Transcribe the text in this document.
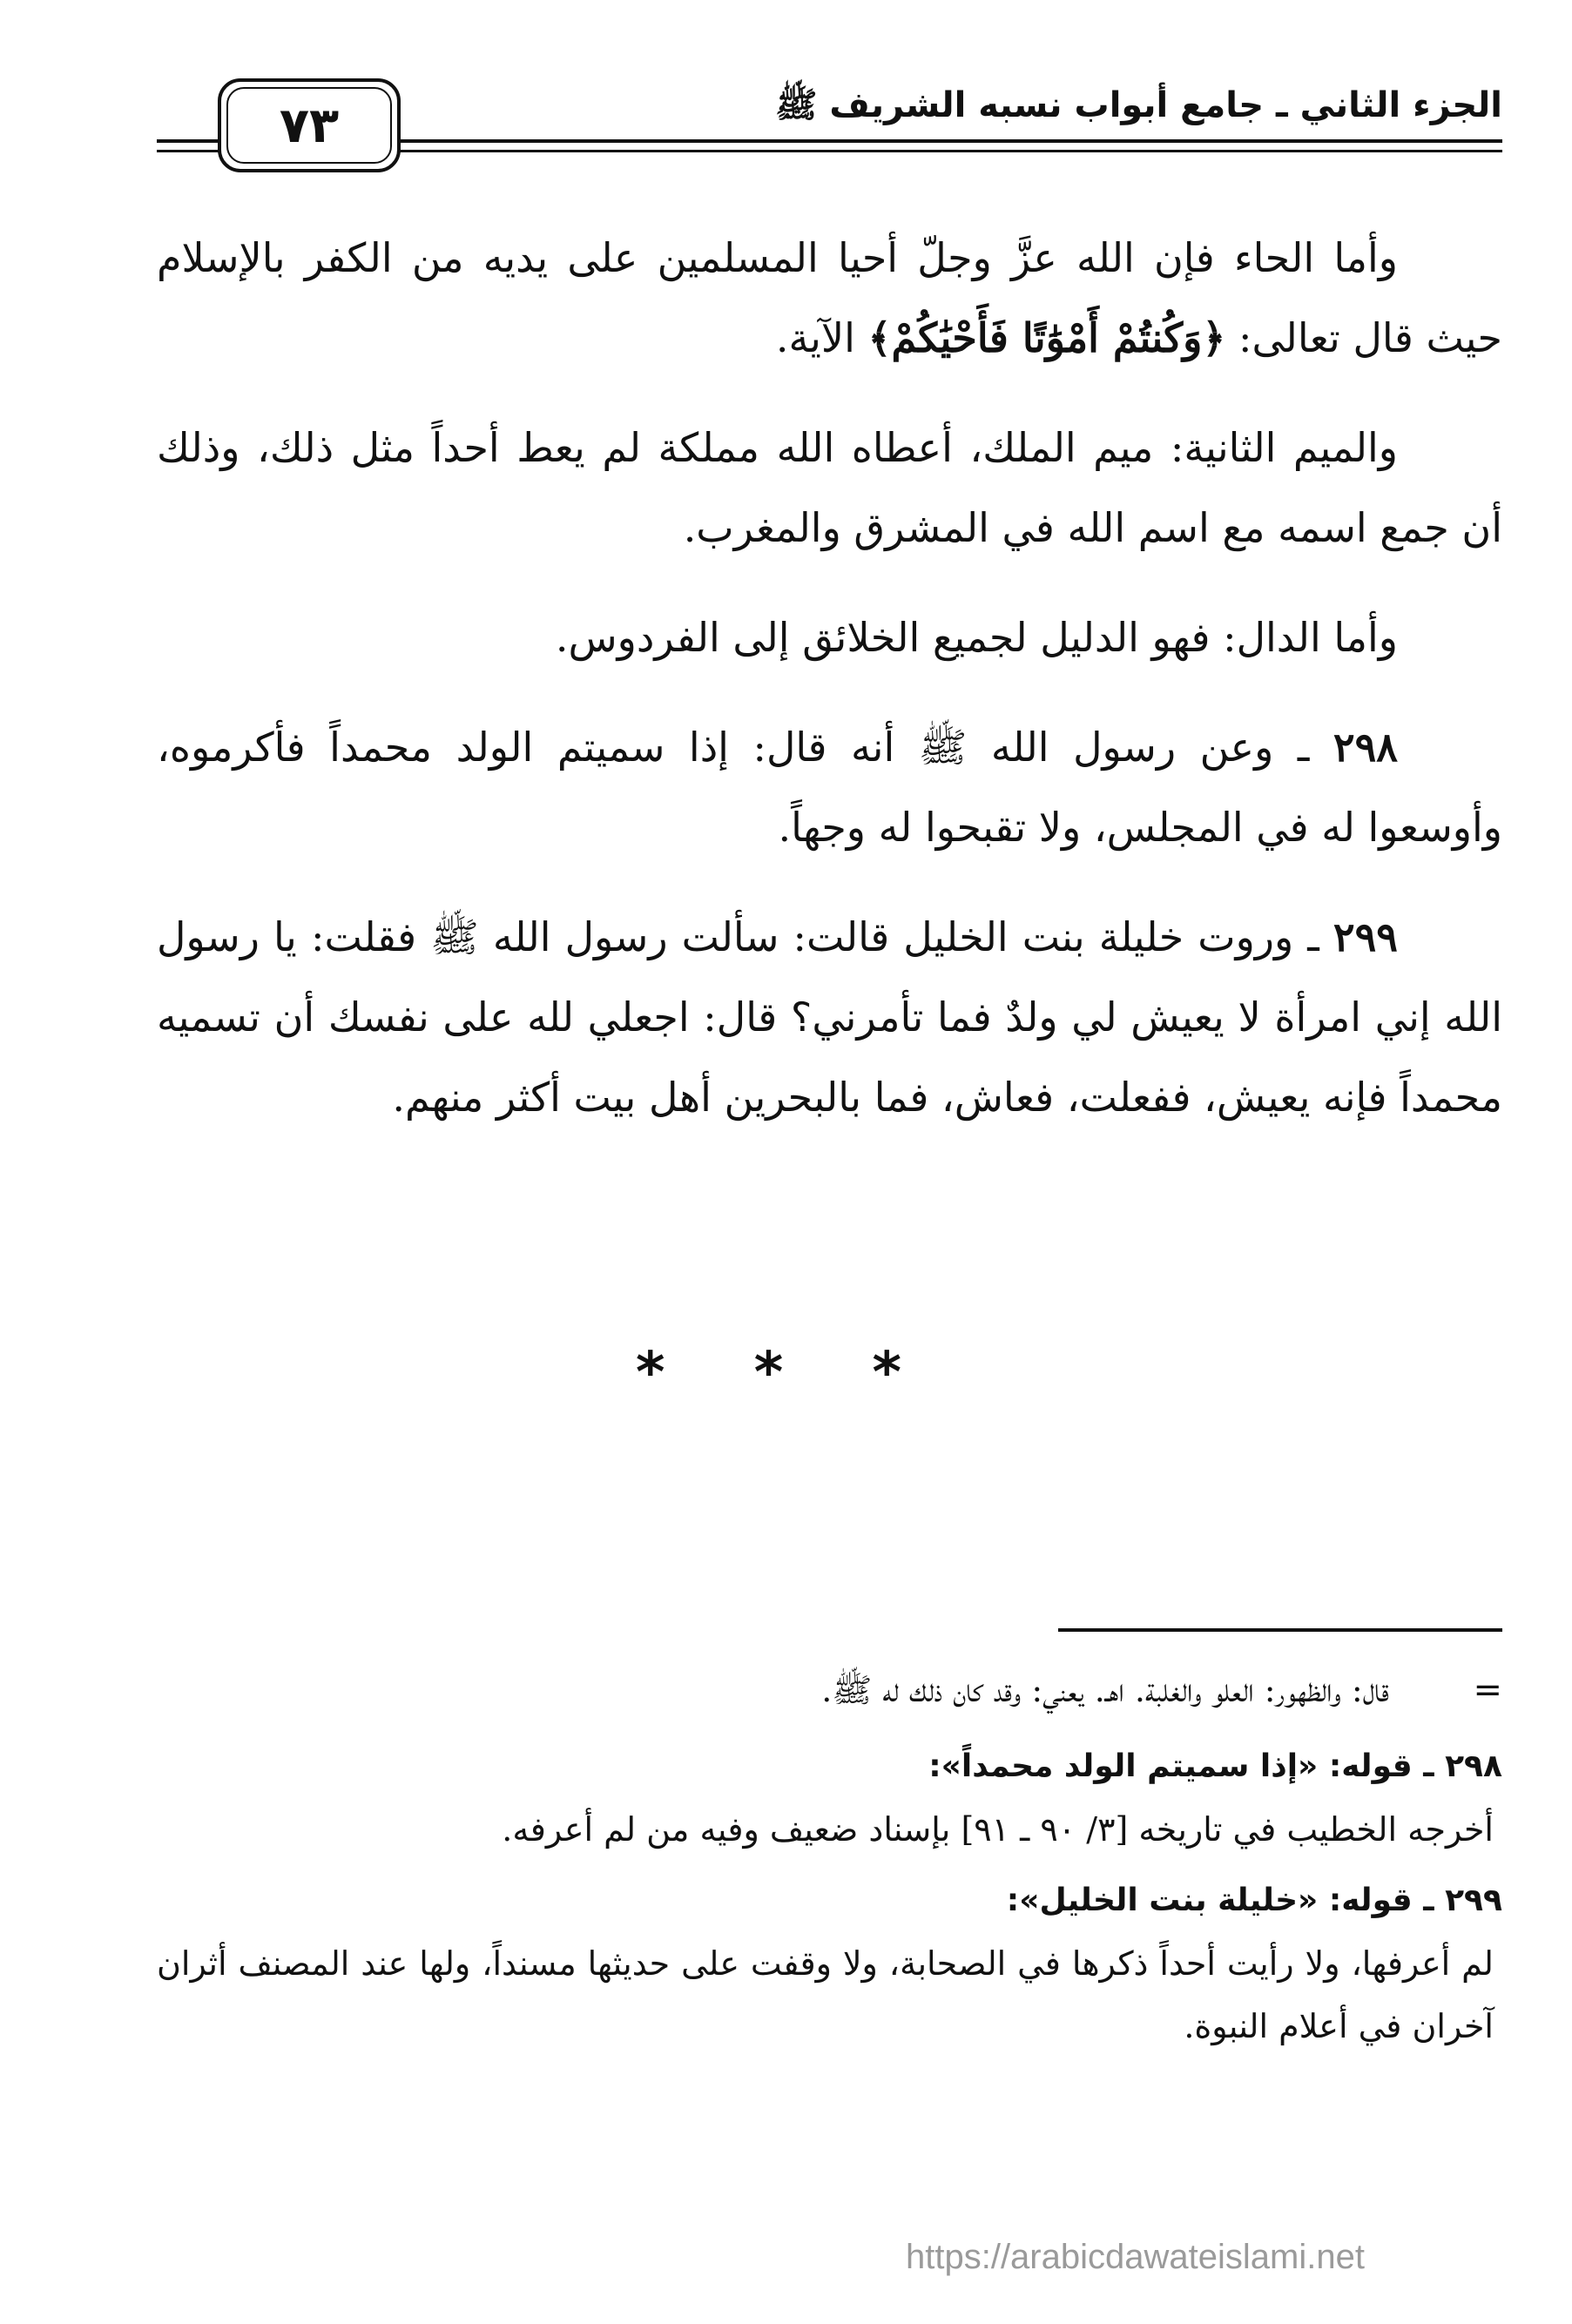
الجزء الثاني ـ جامع أبواب نسبه الشريف ﷺ
٧٣

وأما الحاء فإن الله عزَّ وجلّ أحيا المسلمين على يديه من الكفر بالإسلام حيث قال تعالى: ﴿وَكُنتُمْ أَمْوَٰتًا فَأَحْيَٰكُمْ﴾ الآية.

والميم الثانية: ميم الملك، أعطاه الله مملكة لم يعط أحداً مثل ذلك، وذلك أن جمع اسمه مع اسم الله في المشرق والمغرب.

وأما الدال: فهو الدليل لجميع الخلائق إلى الفردوس.

٢٩٨ ـ وعن رسول الله ﷺ أنه قال: إذا سميتم الولد محمداً فأكرموه، وأوسعوا له في المجلس، ولا تقبحوا له وجهاً.

٢٩٩ ـ وروت خليلة بنت الخليل قالت: سألت رسول الله ﷺ فقلت: يا رسول الله إني امرأة لا يعيش لي ولدٌ فما تأمرني؟ قال: اجعلي لله على نفسك أن تسميه محمداً فإنه يعيش، ففعلت، فعاش، فما بالبحرين أهل بيت أكثر منهم.

* * *
=
قال: والظهور: العلو والغلبة. اهـ. يعني: وقد كان ذلك له ﷺ.
٢٩٨ ـ قوله: «إذا سميتم الولد محمداً»:
أخرجه الخطيب في تاريخه [٣/ ٩٠ ـ ٩١] بإسناد ضعيف وفيه من لم أعرفه.
٢٩٩ ـ قوله: «خليلة بنت الخليل»:
لم أعرفها، ولا رأيت أحداً ذكرها في الصحابة، ولا وقفت على حديثها مسنداً، ولها عند المصنف أثران آخران في أعلام النبوة.
https://arabicdawateislami.net
